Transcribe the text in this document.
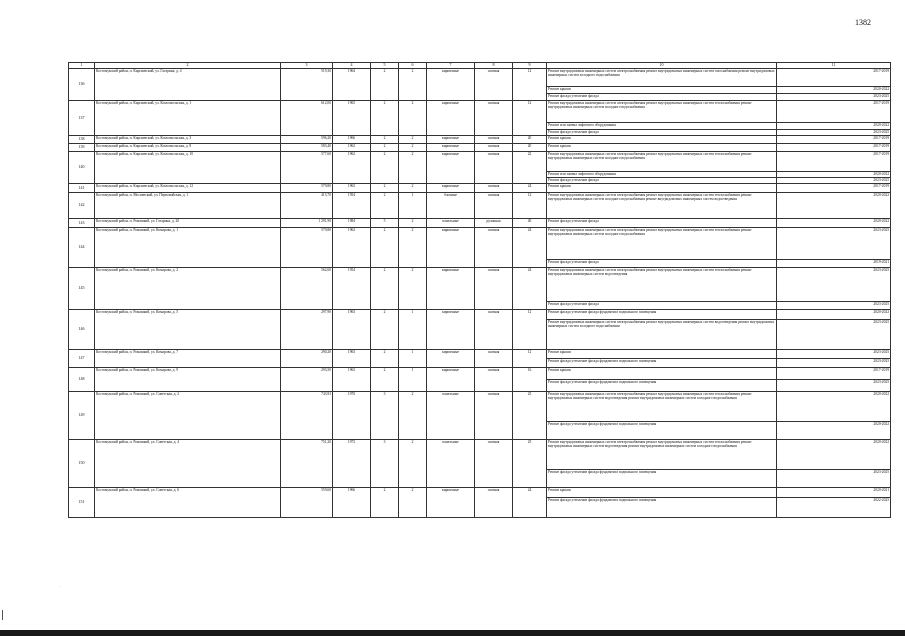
1382
1	2	3	4	5	6	7	8	9	10	11
136	Костомукский район, п. Кирсневский, ул. Гагарина, д. 4	519,30	1964	2	2	кирпичные	скатная	12	Ремонт внутридомовых инженерных систем электроснабжения ремонт внутридомовых инженерных систем газоснабжения ремонт внутридомовых инженерных систем холодного водоснабжения	2017-2019
									Ремонт крыши	2020-2022
									Ремонт фасада утепление фасада	2023-2025
137	Костомукский район, п. Кирсневский, ул. Комсомольская, д. 1	612,00	1965	2	2	кирпичные	скатная	12	Ремонт внутридомовых инженерных систем электроснабжения ремонт внутридомовых инженерных систем теплоснабжения ремонт внутридомовых инженерных систем холодного водоснабжения	2017-2019
									Ремонт или замена лифтового оборудования	2020-2022
									Ремонт фасада утепление фасада	2023-2025
138	Костомукский район, п. Кирсневский, ул. Комсомольская, д. 3	596,20	1966	2	2	кирпичные	скатная	20	Ремонт крыши	2017-2019
139	Костомукский район, п. Кирсневский, ул. Комсомольская, д. 8	583,40	1962	2	2	кирпичные	скатная	20	Ремонт крыши	2017-2019
140	Костомукский район, п. Кирсневский, ул. Комсомольская, д. 10	577,60	1962	2	2	кирпичные	скатная	22	Ремонт внутридомовых инженерных систем электроснабжения ремонт внутридомовых инженерных систем теплоснабжения ремонт внутридомовых инженерных систем холодного водоснабжения	2017-2019
									Ремонт или замена лифтового оборудования	2020-2022
									Ремонт фасада утепление фасада	2023-2025
141	Костомукский район, п. Кирсневский, ул. Комсомольская, д. 12	579,80	1963	2	2	кирпичные	скатная	24	Ремонт крыши	2017-2019
142	Костомукский район, п. Мосиевский, ул. Первомайская, д. 1	413,70	1954	2	1	блочные	скатная	12	Ремонт внутридомовых инженерных систем электроснабжения ремонт внутридомовых инженерных систем теплоснабжения ремонт внутридомовых инженерных систем холодного водоснабжения ремонт внутридомовых инженерных систем водоотведения	2020-2022
143	Костомукский район, п. Ромашкий, ул. Гагарина, д. 20	1 291,90	1984	5	2	панельные	рулонная	40	Ремонт фасада утепление фасада	2020-2022
144	Костомукский район, п. Ромашкий, ул. Комарова, д. 1	579,80	1962	2	2	кирпичные	скатная	24	Ремонт внутридомовых инженерных систем электроснабжения ремонт внутридомовых инженерных систем теплоснабжения ремонт внутридомовых инженерных систем холодного водоснабжения	2023-2025
									Ремонт фасада утепление фасада	2019-2021
145	Костомукский район, п. Ромашкий, ул. Комарова, д. 2	562,60	1954	2	2	кирпичные	скатная	24	Ремонт внутридомовых инженерных систем электроснабжения ремонт внутридомовых инженерных систем теплоснабжения ремонт внутридомовых инженерных систем водоотведения	2023-2025
									Ремонт фасада утепление фасада	2023-2025
146	Костомукский район, п. Ромашкий, ул. Комарова, д. 5	297,90	1963	2	1	кирпичные	скатная	12	Ремонт фасада утепление фасада фундамента подвального помещения	2020-2022
									Ремонт внутридомовых инженерных систем электроснабжения ремонт внутридомовых инженерных систем водоотведения ремонт внутридомовых инженерных систем холодного водоснабжения	2023-2025
147	Костомукский район, п. Ромашкий, ул. Комарова, д. 7	290,20	1963	2	1	кирпичные	скатная	12	Ремонт крыши	2023-2025
									Ремонт фасада утепление фасада фундамента подвального помещения	2023-2025
148	Костомукский район, п. Ромашкий, ул. Комарова, д. 9	293,50	1963	2	1	кирпичные	скатная	16	Ремонт крыши	2017-2019
									Ремонт фасада утепление фасада фундамента подвального помещения	2023-2025
149	Костомукский район, п. Ромашкий, ул. Советская, д. 2	743,93	1970	3	2	панельные	скатная	23	Ремонт внутридомовых инженерных систем электроснабжения ремонт внутридомовых инженерных систем теплоснабжения ремонт внутридомовых инженерных систем водоотведения ремонт внутридомовых инженерных систем холодного водоснабжения	2020-2022
									Ремонт фасада утепление фасада фундамента подвального помещения	2020-2022
150	Костомукский район, п. Ромашкий, ул. Советская, д. 4	751,20	1973	3	2	панельные	скатная	25	Ремонт внутридомовых инженерных систем электроснабжения ремонт внутридомовых инженерных систем теплоснабжения ремонт внутридомовых инженерных систем водоотведения ремонт внутридомовых инженерных систем холодного водоснабжения	2020-2022
									Ремонт фасада утепление фасада фундамента подвального помещения	2023-2025
151	Костомукский район, п. Ромашкий, ул. Советская, д. 6	559,60	1966	2	2	кирпичные	скатная	24	Ремонт крыши	2020-2021
									Ремонт фасада утепление фасада фундамента подвального помещения	2022-2025
·
